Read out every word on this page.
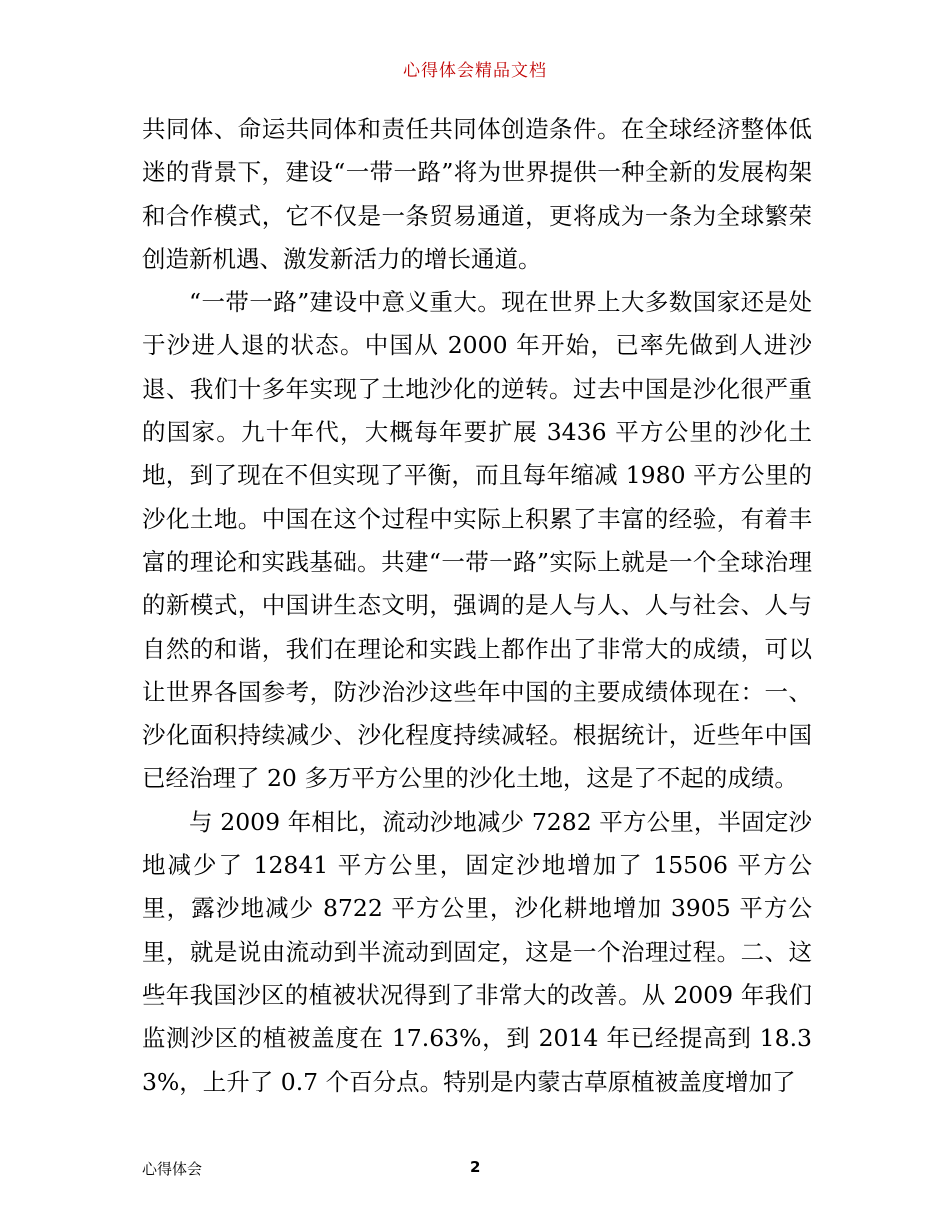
心得体会精品文档

共同体、命运共同体和责任共同体创造条件。在全球经济整体低迷的背景下，建设“一带一路”将为世界提供一种全新的发展构架和合作模式，它不仅是一条贸易通道，更将成为一条为全球繁荣创造新机遇、激发新活力的增长通道。

“一带一路”建设中意义重大。现在世界上大多数国家还是处于沙进人退的状态。中国从 2000 年开始，已率先做到人进沙退、我们十多年实现了土地沙化的逆转。过去中国是沙化很严重的国家。九十年代，大概每年要扩展 3436 平方公里的沙化土地，到了现在不但实现了平衡，而且每年缩减 1980 平方公里的沙化土地。中国在这个过程中实际上积累了丰富的经验，有着丰富的理论和实践基础。共建“一带一路”实际上就是一个全球治理的新模式，中国讲生态文明，强调的是人与人、人与社会、人与自然的和谐，我们在理论和实践上都作出了非常大的成绩，可以让世界各国参考，防沙治沙这些年中国的主要成绩体现在：一、沙化面积持续减少、沙化程度持续减轻。根据统计，近些年中国已经治理了 20 多万平方公里的沙化土地，这是了不起的成绩。

与 2009 年相比，流动沙地减少 7282 平方公里，半固定沙地减少了 12841 平方公里，固定沙地增加了 15506 平方公里，露沙地减少 8722 平方公里，沙化耕地增加 3905 平方公里，就是说由流动到半流动到固定，这是一个治理过程。二、这些年我国沙区的植被状况得到了非常大的改善。从 2009 年我们监测沙区的植被盖度在 17.63%，到 2014 年已经提高到 18.33%，上升了 0.7 个百分点。特别是内蒙古草原植被盖度增加了

心得体会	2
